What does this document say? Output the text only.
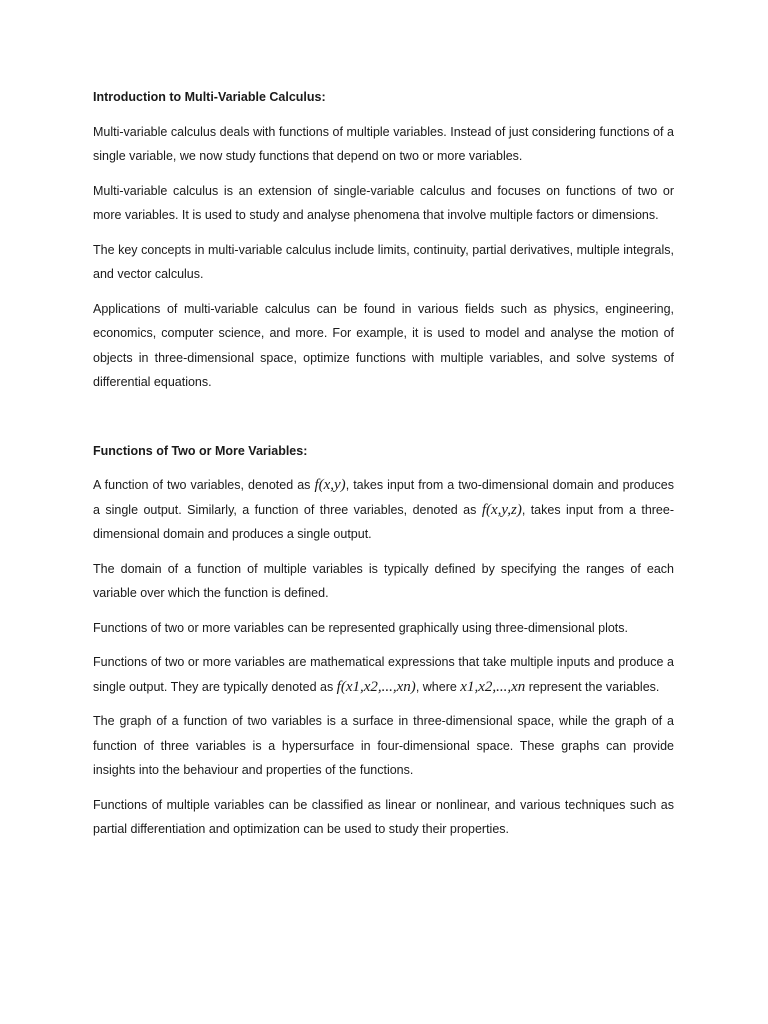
Introduction to Multi-Variable Calculus:

Multi-variable calculus deals with functions of multiple variables. Instead of just considering functions of a single variable, we now study functions that depend on two or more variables.

Multi-variable calculus is an extension of single-variable calculus and focuses on functions of two or more variables. It is used to study and analyse phenomena that involve multiple factors or dimensions.

The key concepts in multi-variable calculus include limits, continuity, partial derivatives, multiple integrals, and vector calculus.

Applications of multi-variable calculus can be found in various fields such as physics, engineering, economics, computer science, and more. For example, it is used to model and analyse the motion of objects in three-dimensional space, optimize functions with multiple variables, and solve systems of differential equations.

Functions of Two or More Variables:

A function of two variables, denoted as f(x,y), takes input from a two-dimensional domain and produces a single output. Similarly, a function of three variables, denoted as f(x,y,z), takes input from a three-dimensional domain and produces a single output.

The domain of a function of multiple variables is typically defined by specifying the ranges of each variable over which the function is defined.

Functions of two or more variables can be represented graphically using three-dimensional plots.

Functions of two or more variables are mathematical expressions that take multiple inputs and produce a single output. They are typically denoted as f(x1,x2,...,xn), where x1,x2,...,xn represent the variables.

The graph of a function of two variables is a surface in three-dimensional space, while the graph of a function of three variables is a hypersurface in four-dimensional space. These graphs can provide insights into the behaviour and properties of the functions.

Functions of multiple variables can be classified as linear or nonlinear, and various techniques such as partial differentiation and optimization can be used to study their properties.
